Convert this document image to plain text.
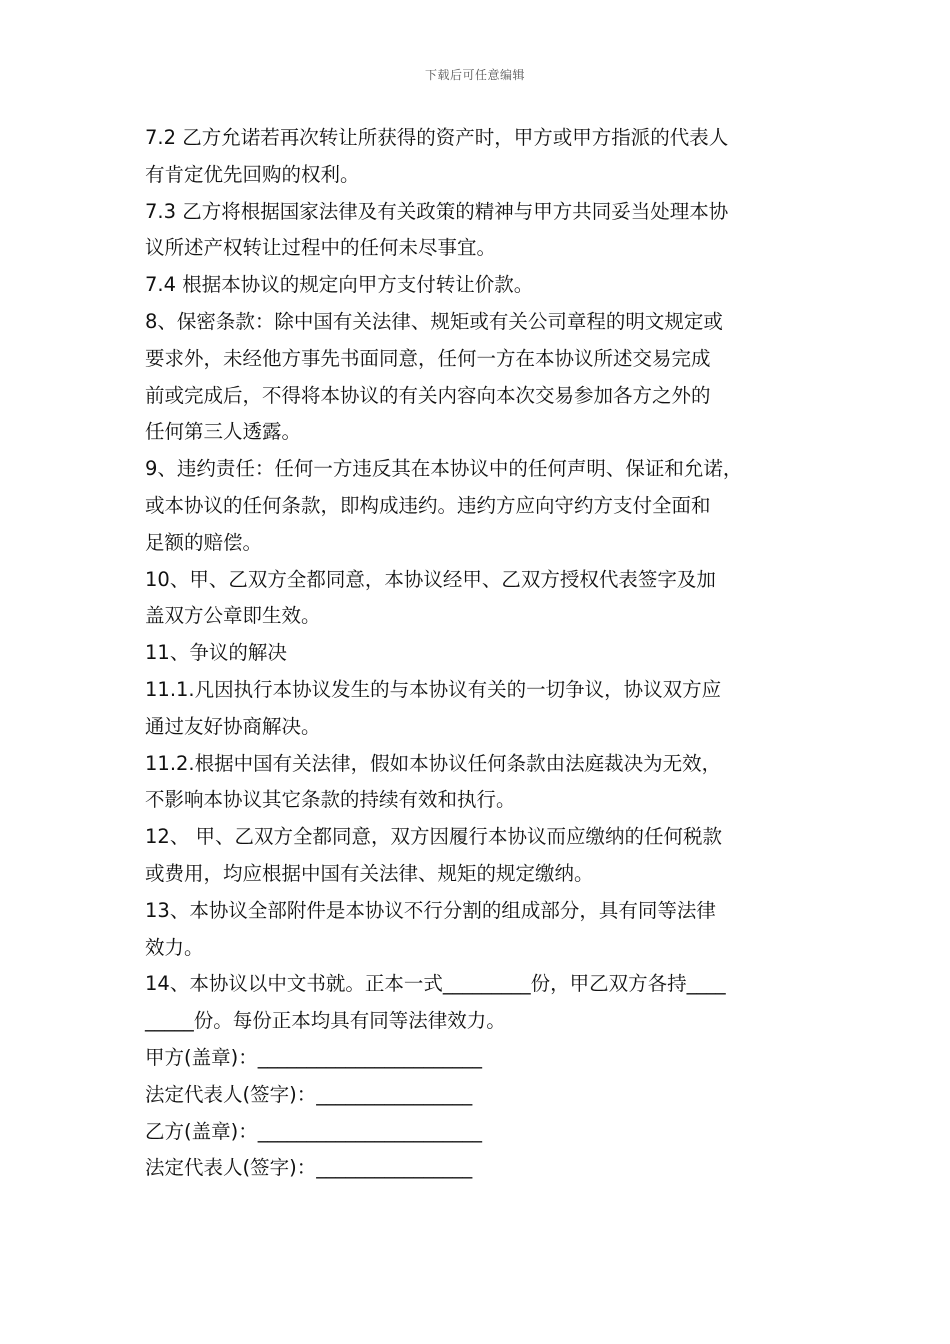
下载后可任意编辑
7.2 乙方允诺若再次转让所获得的资产时，甲方或甲方指派的代表人
有肯定优先回购的权利。
7.3 乙方将根据国家法律及有关政策的精神与甲方共同妥当处理本协
议所述产权转让过程中的任何未尽事宜。
7.4 根据本协议的规定向甲方支付转让价款。
8、保密条款：除中国有关法律、规矩或有关公司章程的明文规定或
要求外，未经他方事先书面同意，任何一方在本协议所述交易完成
前或完成后，不得将本协议的有关内容向本次交易参加各方之外的
任何第三人透露。
9、违约责任：任何一方违反其在本协议中的任何声明、保证和允诺，
或本协议的任何条款，即构成违约。违约方应向守约方支付全面和
足额的赔偿。
10、甲、乙双方全都同意，本协议经甲、乙双方授权代表签字及加
盖双方公章即生效。
11、争议的解决
11.1.凡因执行本协议发生的与本协议有关的一切争议，协议双方应
通过友好协商解决。
11.2.根据中国有关法律，假如本协议任何条款由法庭裁决为无效，
不影响本协议其它条款的持续有效和执行。
12、 甲、乙双方全都同意，双方因履行本协议而应缴纳的任何税款
或费用，均应根据中国有关法律、规矩的规定缴纳。
13、本协议全部附件是本协议不行分割的组成部分，具有同等法律
效力。
14、本协议以中文书就。正本一式_________份，甲乙双方各持____
_____份。每份正本均具有同等法律效力。
甲方(盖章)：_______________________
法定代表人(签字)：________________
乙方(盖章)：_______________________
法定代表人(签字)：________________
